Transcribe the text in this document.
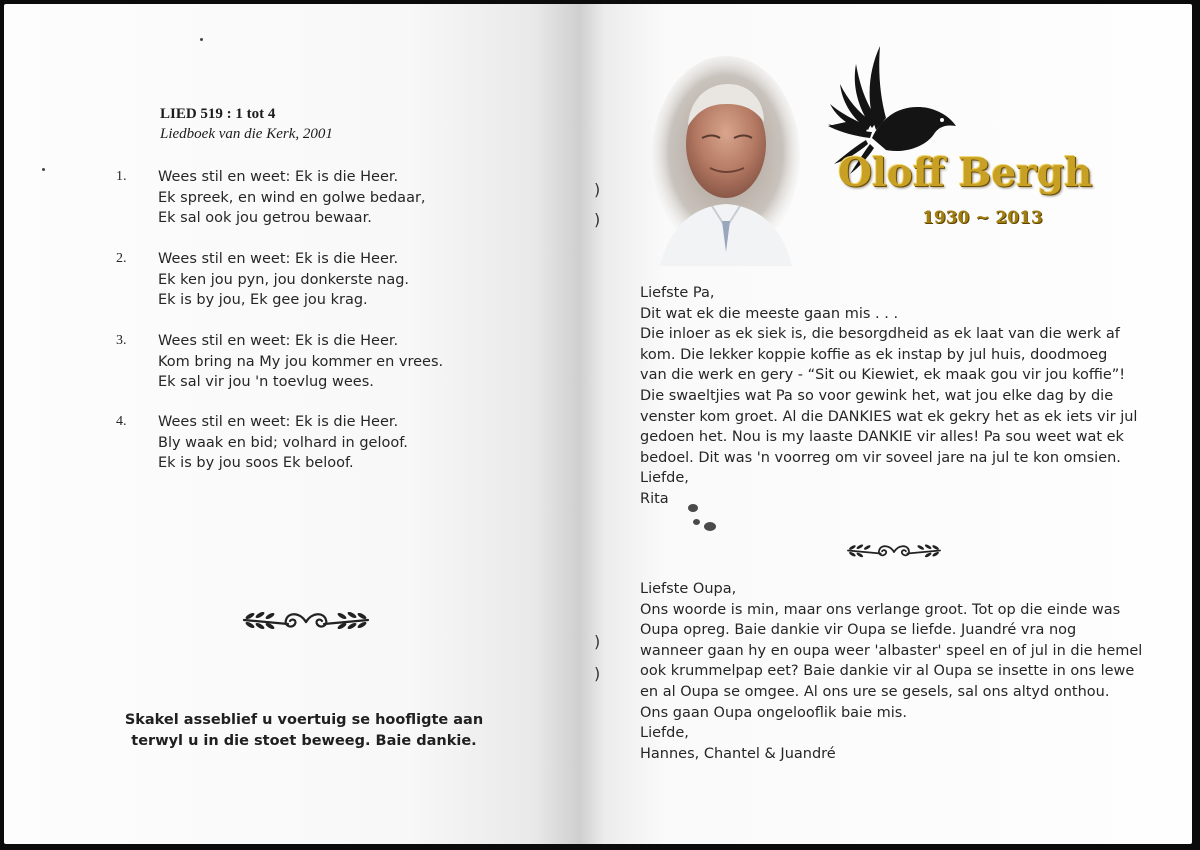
LIED 519 : 1 tot 4
Liedboek van die Kerk, 2001
1.	Wees stil en weet: Ek is die Heer.
Ek spreek, en wind en golwe bedaar,
Ek sal ook jou getrou bewaar.
2.	Wees stil en weet: Ek is die Heer.
Ek ken jou pyn, jou donkerste nag.
Ek is by jou, Ek gee jou krag.
3.	Wees stil en weet: Ek is die Heer.
Kom bring na My jou kommer en vrees.
Ek sal vir jou 'n toevlug wees.
4.	Wees stil en weet: Ek is die Heer.
Bly waak en bid; volhard in geloof.
Ek is by jou soos Ek beloof.
Skakel asseblief u voertuig se hoofligte aan
terwyl u in die stoet beweeg. Baie dankie.
)
)
)
)
Oloff Bergh
1930 ~ 2013
Liefste Pa,
Dit wat ek die meeste gaan mis . . .
Die inloer as ek siek is, die besorgdheid as ek laat van die werk af
kom. Die lekker koppie koffie as ek instap by jul huis, doodmoeg
van die werk en gery - “Sit ou Kiewiet, ek maak gou vir jou koffie”!
Die swaeltjies wat Pa so voor gewink het, wat jou elke dag by die
venster kom groet. Al die DANKIES wat ek gekry het as ek iets vir jul
gedoen het. Nou is my laaste DANKIE vir alles! Pa sou weet wat ek
bedoel. Dit was 'n voorreg om vir soveel jare na jul te kon omsien.
Liefde,
Rita
Liefste Oupa,
Ons woorde is min, maar ons verlange groot. Tot op die einde was
Oupa opreg. Baie dankie vir Oupa se liefde. Juandré vra nog
wanneer gaan hy en oupa weer 'albaster' speel en of jul in die hemel
ook krummelpap eet? Baie dankie vir al Oupa se insette in ons lewe
en al Oupa se omgee. Al ons ure se gesels, sal ons altyd onthou.
Ons gaan Oupa ongelooflik baie mis.
Liefde,
Hannes, Chantel & Juandré
